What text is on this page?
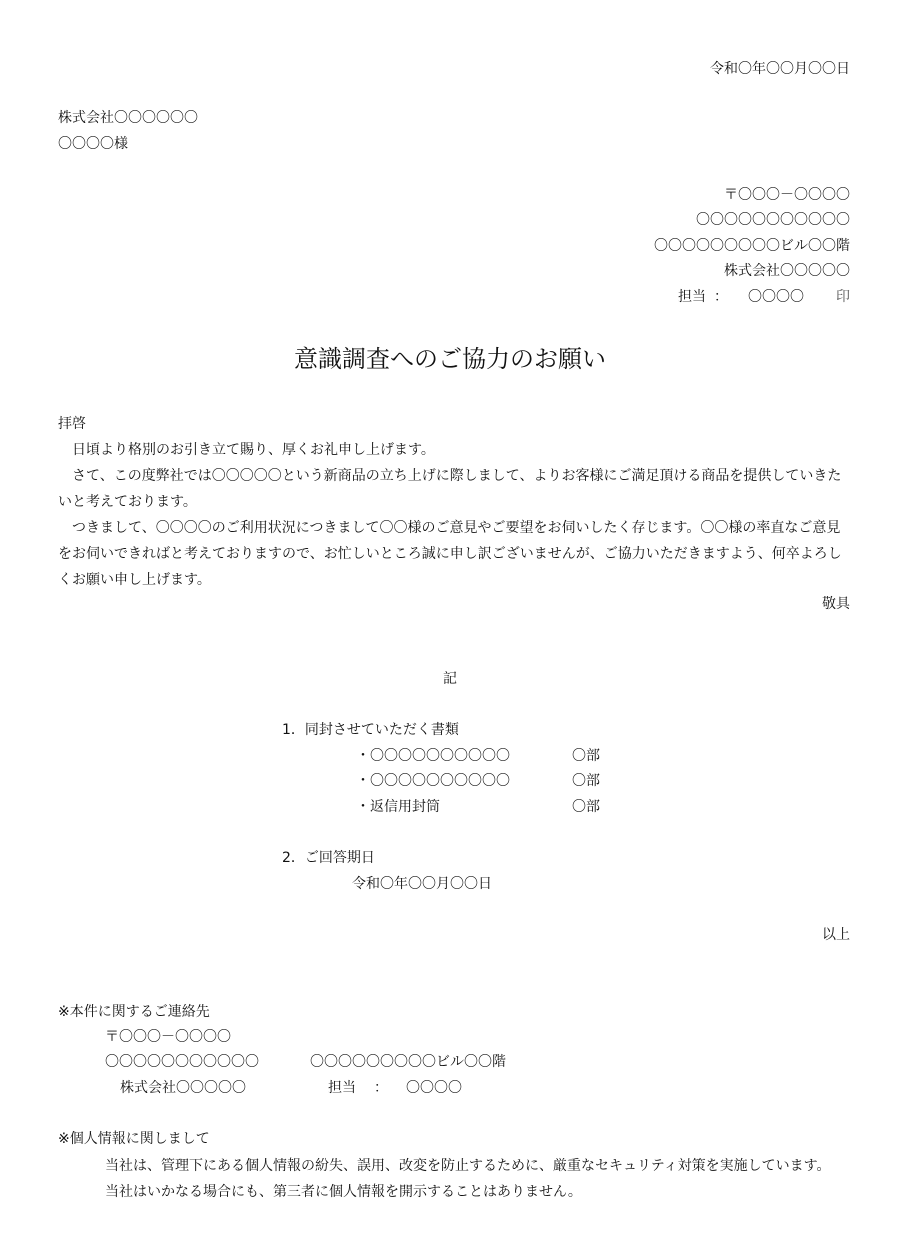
令和〇年〇〇月〇〇日
株式会社〇〇〇〇〇〇
〇〇〇〇様
〒〇〇〇－〇〇〇〇
〇〇〇〇〇〇〇〇〇〇〇
〇〇〇〇〇〇〇〇〇ビル〇〇階
株式会社〇〇〇〇〇
担当 ： 〇〇〇〇 印
意識調査へのご協力のお願い
拝啓

日頃より格別のお引き立て賜り、厚くお礼申し上げます。

さて、この度弊社では〇〇〇〇〇という新商品の立ち上げに際しまして、よりお客様にご満足頂ける商品を提供していきたいと考えております。

つきまして、〇〇〇〇のご利用状況につきまして〇〇様のご意見やご要望をお伺いしたく存じます。〇〇様の率直なご意見をお伺いできればと考えておりますので、お忙しいところ誠に申し訳ございませんが、ご協力いただきますよう、何卒よろしくお願い申し上げます。

敬具
記
1．同封させていただく書類
・〇〇〇〇〇〇〇〇〇〇	〇部
・〇〇〇〇〇〇〇〇〇〇	〇部
・返信用封筒	〇部
2．ご回答期日
令和〇年〇〇月〇〇日
以上
※本件に関するご連絡先
〒〇〇〇－〇〇〇〇
〇〇〇〇〇〇〇〇〇〇〇	〇〇〇〇〇〇〇〇〇ビル〇〇階
株式会社〇〇〇〇〇	担当 ： 〇〇〇〇
※個人情報に関しまして
当社は、管理下にある個人情報の紛失、誤用、改変を防止するために、厳重なセキュリティ対策を実施しています。当社はいかなる場合にも、第三者に個人情報を開示することはありません。
